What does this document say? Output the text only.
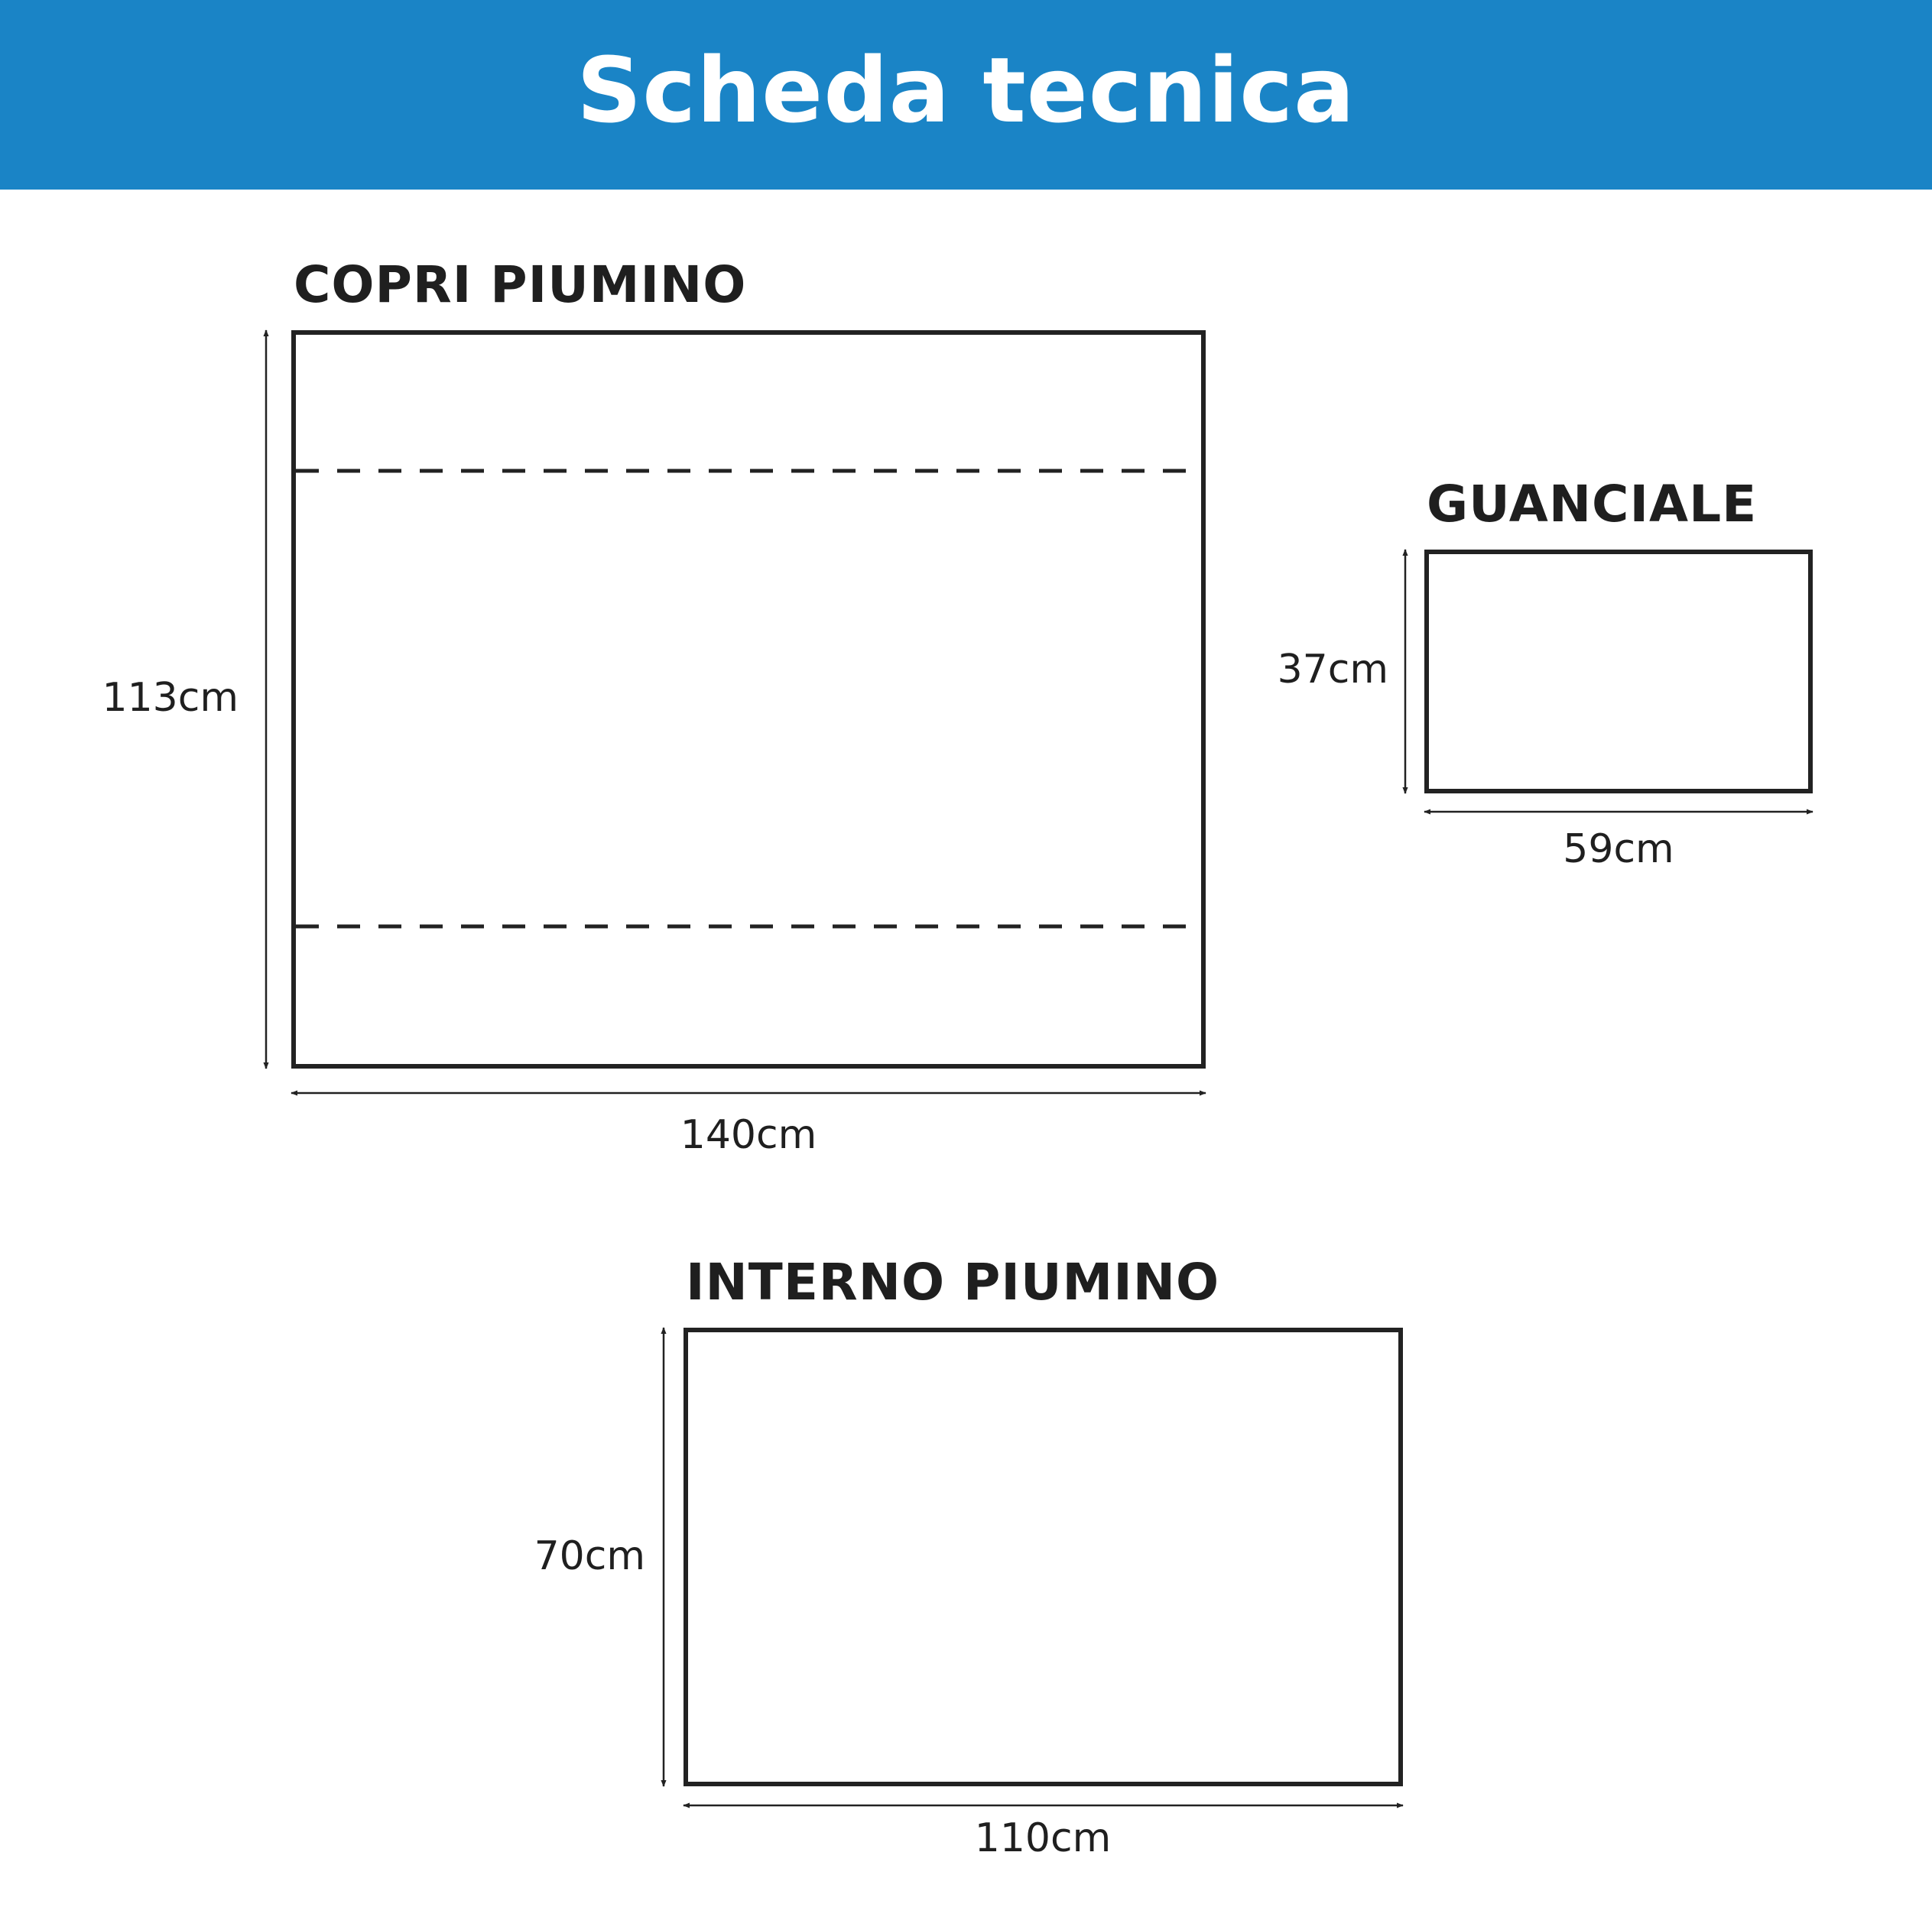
Scheda tecnica
COPRI PIUMINO
113cm
140cm
GUANCIALE
37cm
59cm
INTERNO PIUMINO
70cm
110cm
